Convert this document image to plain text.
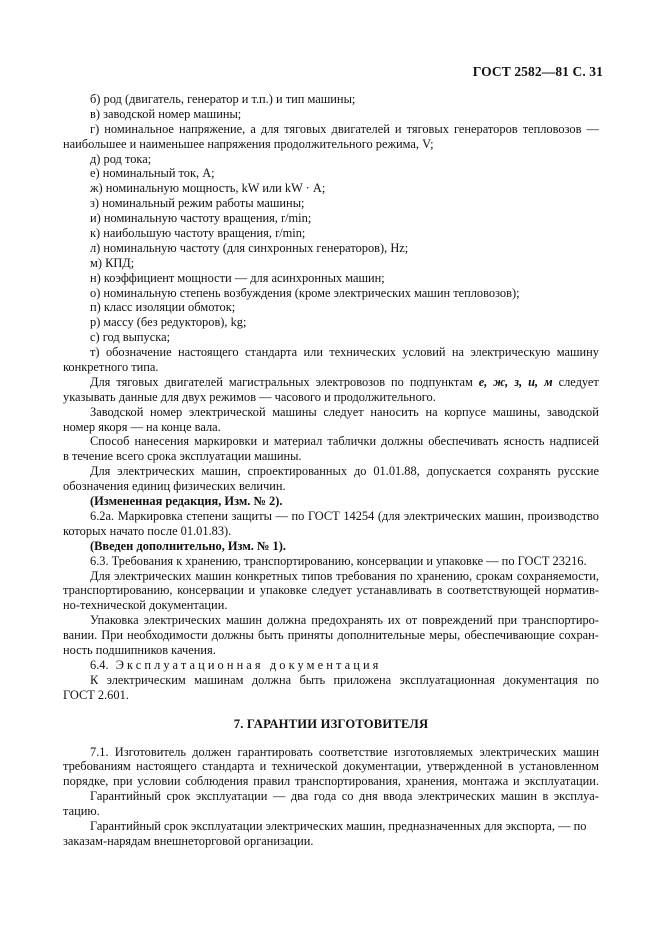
ГОСТ 2582—81 С. 31
б) род (двигатель, генератор и т.п.) и тип машины;
в) заводской номер машины;
г) номинальное напряжение, а для тяговых двигателей и тяговых генераторов тепловозов —
наибольшее и наименьшее напряжения продолжительного режима, V;
д) род тока;
е) номинальный ток, А;
ж) номинальную мощность, kW или kW · А;
з) номинальный режим работы машины;
и) номинальную частоту вращения, r/min;
к) наибольшую частоту вращения, r/min;
л) номинальную частоту (для синхронных генераторов), Hz;
м) КПД;
н) коэффициент мощности — для асинхронных машин;
о) номинальную степень возбуждения (кроме электрических машин тепловозов);
п) класс изоляции обмоток;
р) массу (без редукторов), kg;
с) год выпуска;
т) обозначение настоящего стандарта или технических условий на электрическую машину
конкретного типа.
Для тяговых двигателей магистральных электровозов по подпунктам е, ж, з, и, м следует
указывать данные для двух режимов — часового и продолжительного.
Заводской номер электрической машины следует наносить на корпусе машины, заводской
номер якоря — на конце вала.
Способ нанесения маркировки и материал таблички должны обеспечивать ясность надписей
в течение всего срока эксплуатации машины.
Для электрических машин, спроектированных до 01.01.88, допускается сохранять русские
обозначения единиц физических величин.
(Измененная редакция, Изм. № 2).
6.2а. Маркировка степени защиты — по ГОСТ 14254 (для электрических машин, производство
которых начато после 01.01.83).
(Введен дополнительно, Изм. № 1).
6.3. Требования к хранению, транспортированию, консервации и упаковке — по ГОСТ 23216.
Для электрических машин конкретных типов требования по хранению, срокам сохраняемости,
транспортированию, консервации и упаковке следует устанавливать в соответствующей норматив-
но-технической документации.
Упаковка электрических машин должна предохранять их от повреждений при транспортиро-
вании. При необходимости должны быть приняты дополнительные меры, обеспечивающие сохран-
ность подшипников качения.
6.4. Эксплуатационная документация
К электрическим машинам должна быть приложена эксплуатационная документация по
ГОСТ 2.601.
7. ГАРАНТИИ ИЗГОТОВИТЕЛЯ
7.1. Изготовитель должен гарантировать соответствие изготовляемых электрических машин
требованиям настоящего стандарта и технической документации, утвержденной в установленном
порядке, при условии соблюдения правил транспортирования, хранения, монтажа и эксплуатации.
Гарантийный срок эксплуатации — два года со дня ввода электрических машин в эксплуа-
тацию.
Гарантийный срок эксплуатации электрических машин, предназначенных для экспорта, — по
заказам-нарядам внешнеторговой организации.
